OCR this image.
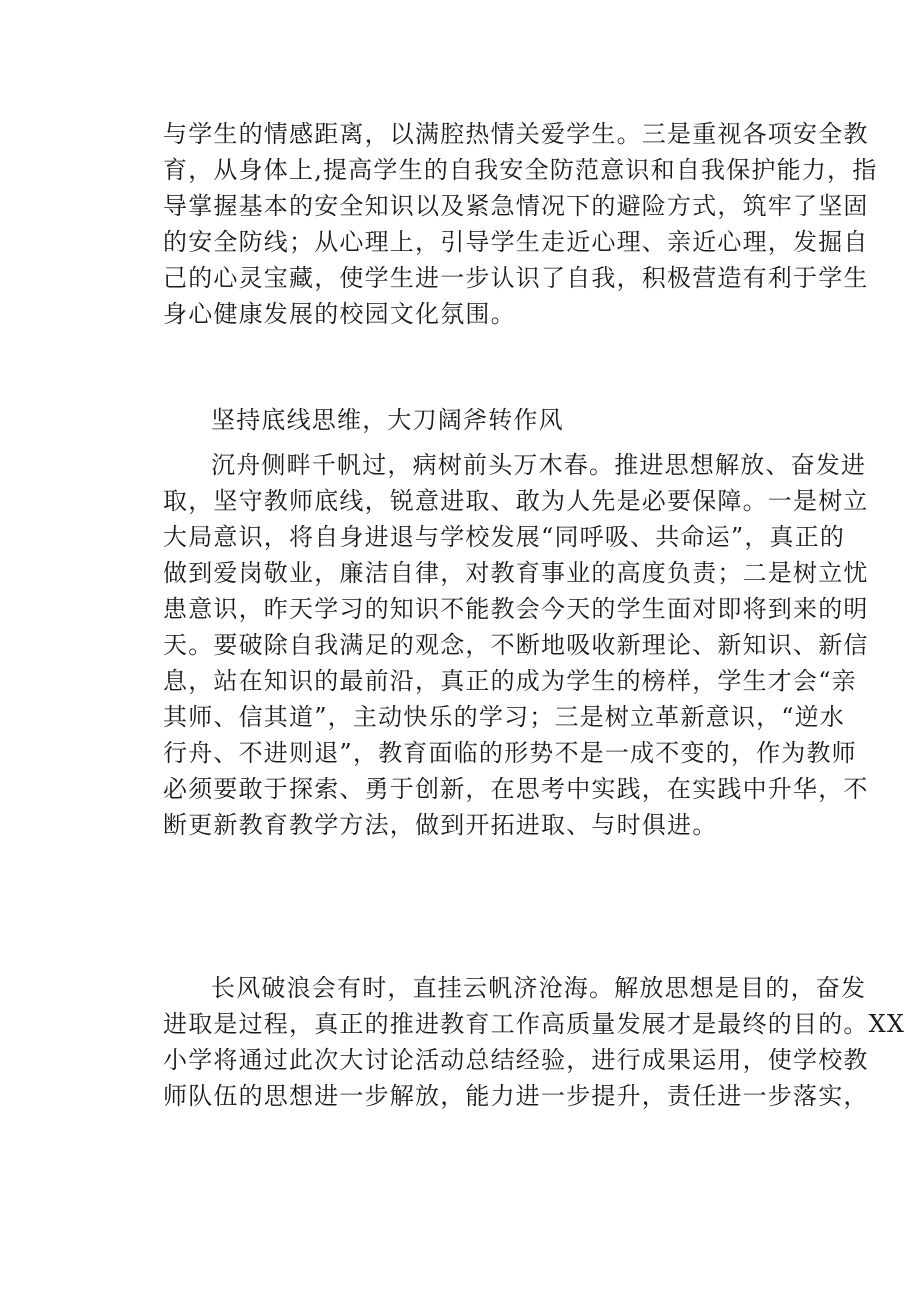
与学生的情感距离，以满腔热情关爱学生。三是重视各项安全教
育，从身体上,提高学生的自我安全防范意识和自我保护能力，指
导掌握基本的安全知识以及紧急情况下的避险方式，筑牢了坚固
的安全防线；从心理上，引导学生走近心理、亲近心理，发掘自
己的心灵宝藏，使学生进一步认识了自我，积极营造有利于学生
身心健康发展的校园文化氛围。
坚持底线思维，大刀阔斧转作风
沉舟侧畔千帆过，病树前头万木春。推进思想解放、奋发进
取，坚守教师底线，锐意进取、敢为人先是必要保障。一是树立
大局意识，将自身进退与学校发展“同呼吸、共命运”，真正的
做到爱岗敬业，廉洁自律，对教育事业的高度负责；二是树立忧
患意识，昨天学习的知识不能教会今天的学生面对即将到来的明
天。要破除自我满足的观念，不断地吸收新理论、新知识、新信
息，站在知识的最前沿，真正的成为学生的榜样，学生才会“亲
其师、信其道”，主动快乐的学习；三是树立革新意识，“逆水
行舟、不进则退”，教育面临的形势不是一成不变的，作为教师
必须要敢于探索、勇于创新，在思考中实践，在实践中升华，不
断更新教育教学方法，做到开拓进取、与时俱进。
长风破浪会有时，直挂云帆济沧海。解放思想是目的，奋发
进取是过程，真正的推进教育工作高质量发展才是最终的目的。XX
小学将通过此次大讨论活动总结经验，进行成果运用，使学校教
师队伍的思想进一步解放，能力进一步提升，责任进一步落实，
